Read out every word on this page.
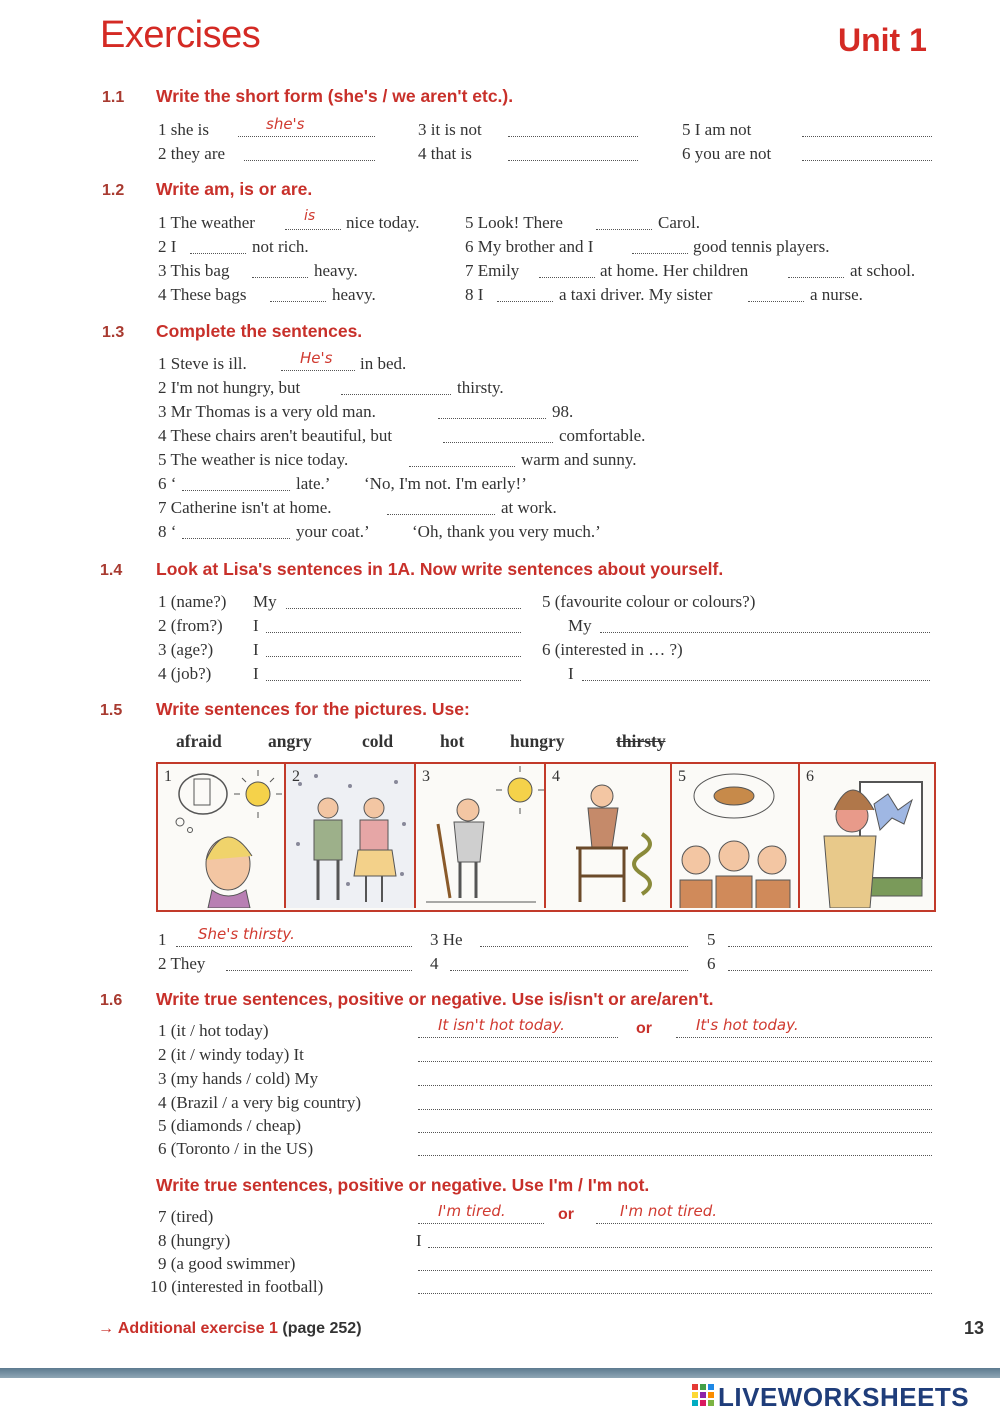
Exercises	Unit 1
1.1 Write the short form (she's / we aren't etc.).
1 she is	she's
2 they are
3 it is not
4 that is
5 I am not
6 you are not
1.2 Write am, is or are.
1 The weather	is nice today.
2 I	not rich.
3 This bag	heavy.
4 These bags	heavy.
5 Look! There	Carol.
6 My brother and I	good tennis players.
7 Emily	at home. Her children	at school.
8 I	a taxi driver. My sister	a nurse.
1.3 Complete the sentences.
1 Steve is ill.	He's in bed.
2 I'm not hungry, but	thirsty.
3 Mr Thomas is a very old man.	98.
4 These chairs aren't beautiful, but	comfortable.
5 The weather is nice today.	warm and sunny.
6 ‘	late.’ ‘No, I'm not. I'm early!’
7 Catherine isn't at home.	at work.
8 ‘	your coat.’ ‘Oh, thank you very much.’
1.4 Look at Lisa's sentences in 1A. Now write sentences about yourself.
1 (name?) My
2 (from?) I
3 (age?) I
4 (job?) I
5 (favourite colour or colours?)
My
6 (interested in … ?)
I
1.5 Write sentences for the pictures. Use:
afraid	angry	cold	hot	hungry	thirsty
1	2	3	4	5	6
1 She's thirsty.
2 They
3 He
4
5
6
1.6 Write true sentences, positive or negative. Use is/isn't or are/aren't.
1 (it / hot today)	It isn't hot today.	or	It's hot today.
2 (it / windy today) It
3 (my hands / cold) My
4 (Brazil / a very big country)
5 (diamonds / cheap)
6 (Toronto / in the US)
Write true sentences, positive or negative. Use I'm / I'm not.
7 (tired)	I'm tired.	or	I'm not tired.
8 (hungry)	I
9 (a good swimmer)
10 (interested in football)
→ Additional exercise 1 (page 252)	13
LIVEWORKSHEETS
